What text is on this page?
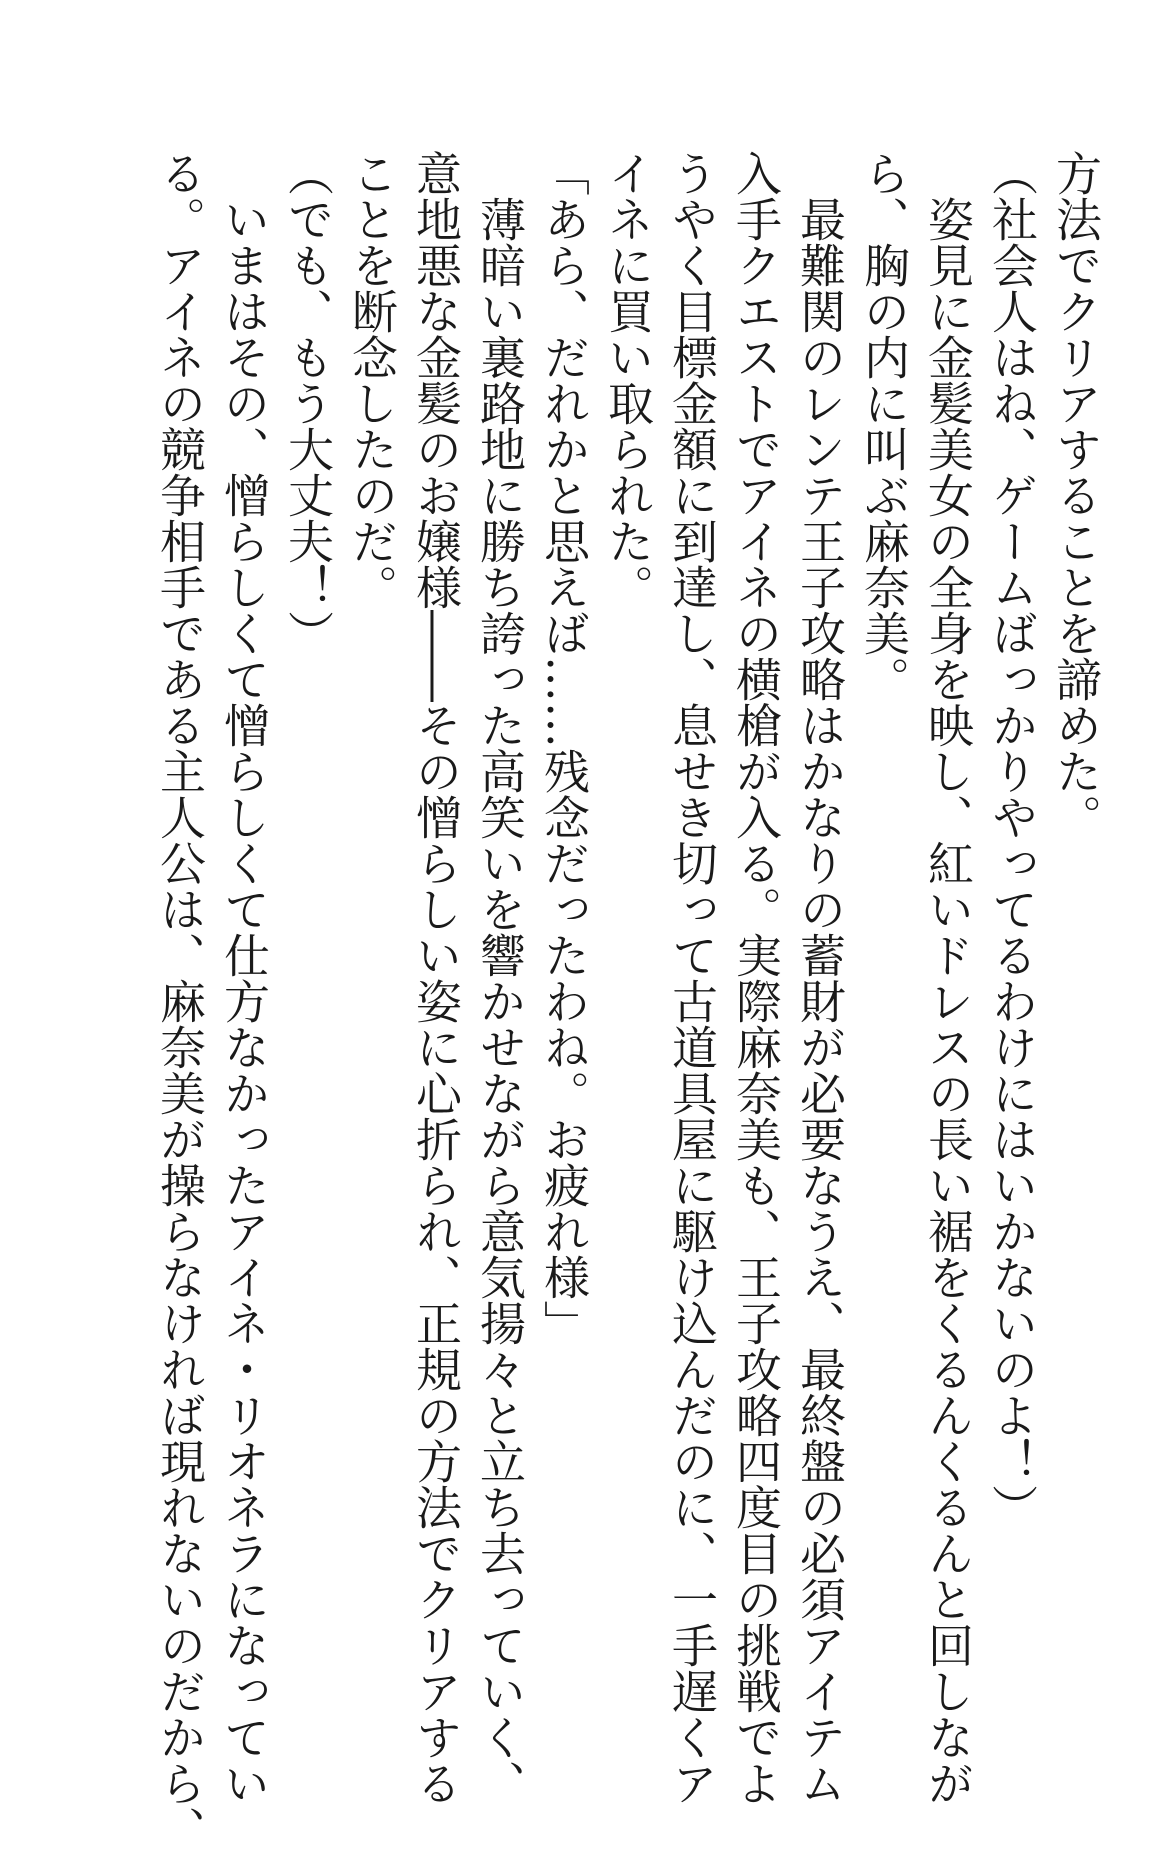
方法でクリアすることを諦めた。
（社会人はね、ゲームばっかりやってるわけにはいかないのよ！）
　姿見に金髪美女の全身を映し、紅いドレスの長い裾をくるんくるんと回しなが
ら、胸の内に叫ぶ麻奈美。
　最難関のレンテ王子攻略はかなりの蓄財が必要なうえ、最終盤の必須アイテム
入手クエストでアイネの横槍が入る。実際麻奈美も、王子攻略四度目の挑戦でよ
うやく目標金額に到達し、息せき切って古道具屋に駆け込んだのに、一手遅くア
イネに買い取られた。
「あら、だれかと思えば……残念だったわね。お疲れ様」
　薄暗い裏路地に勝ち誇った高笑いを響かせながら意気揚々と立ち去っていく、
意地悪な金髪のお嬢様――その憎らしい姿に心折られ、正規の方法でクリアする
ことを断念したのだ。
（でも、もう大丈夫！）
　いまはその、憎らしくて憎らしくて仕方なかったアイネ・リオネラになってい
る。アイネの競争相手である主人公は、麻奈美が操らなければ現れないのだから、
